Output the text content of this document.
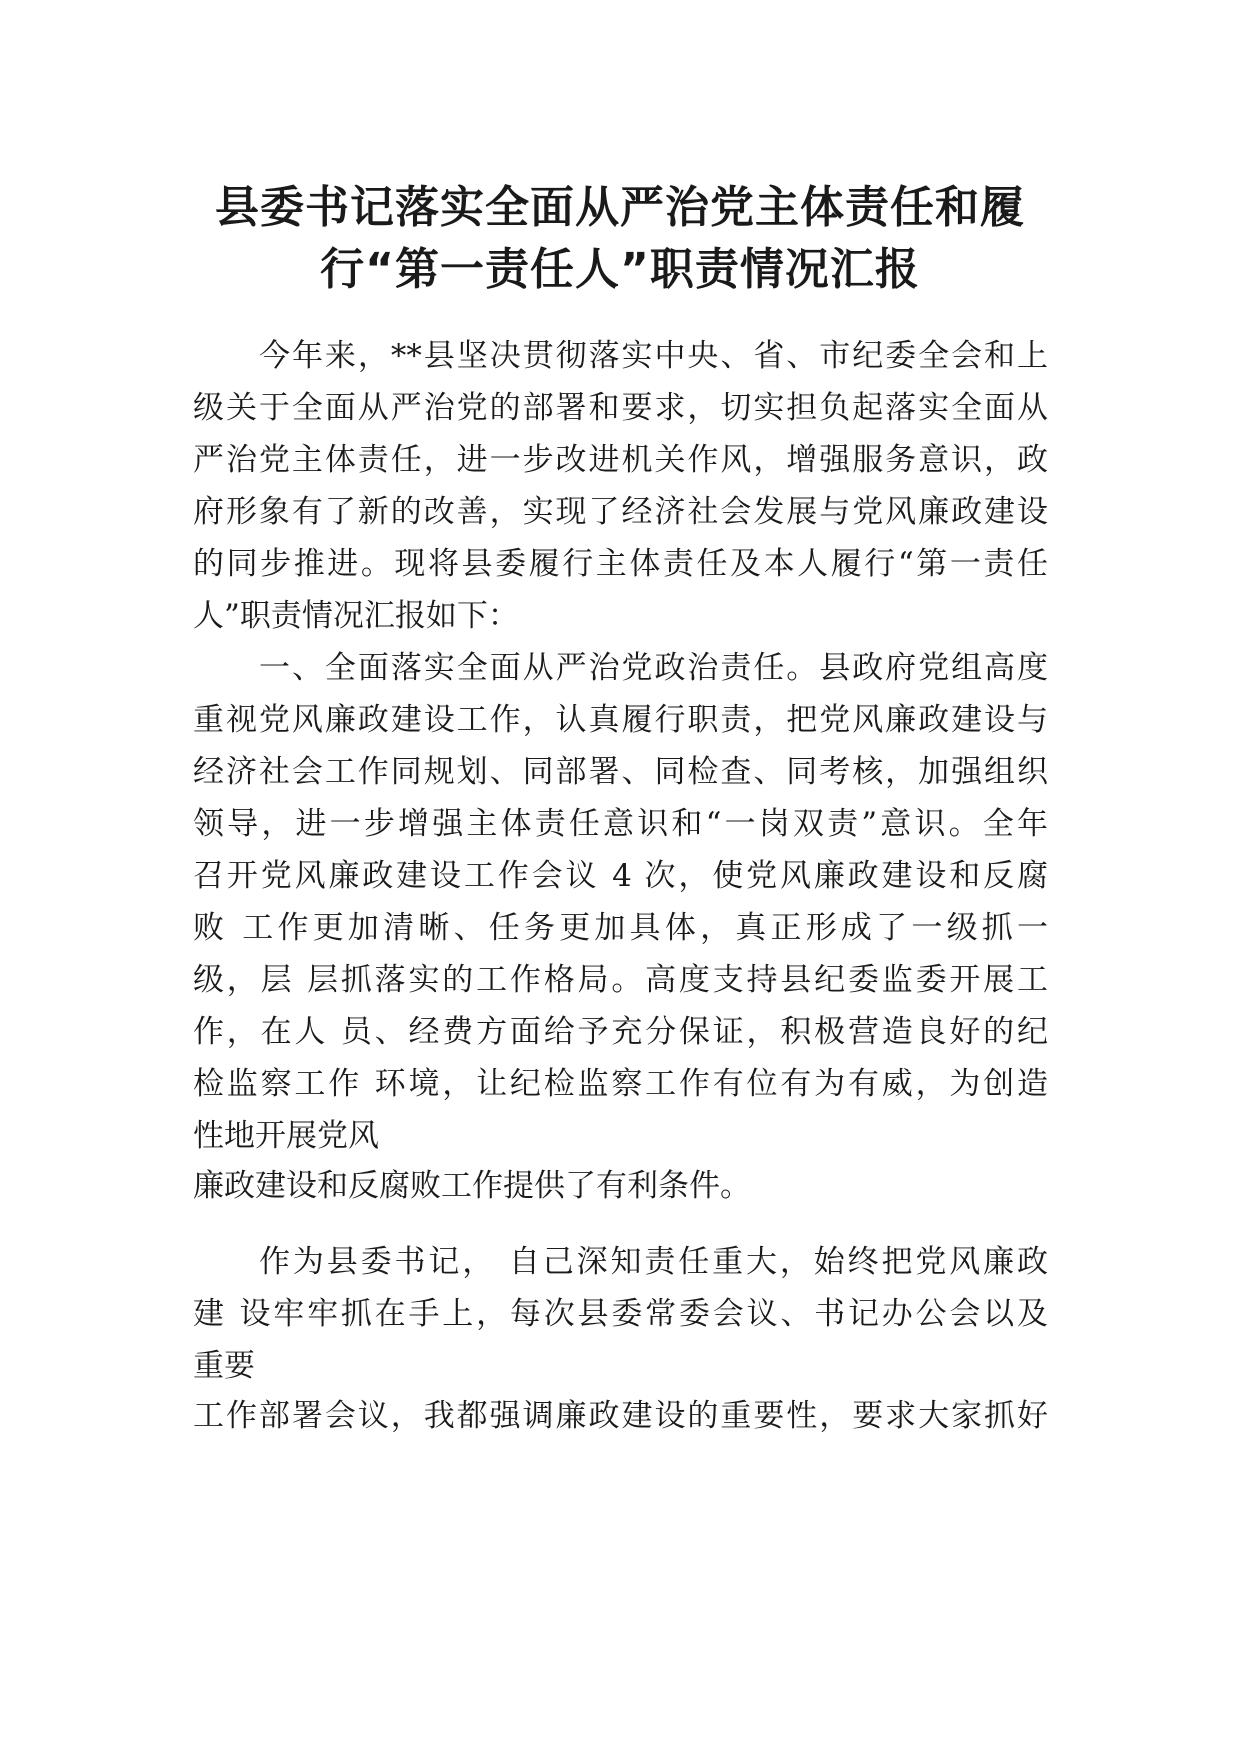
县委书记落实全面从严治党主体责任和履
行“第一责任人”职责情况汇报
今年来，**县坚决贯彻落实中央、省、市纪委全会和上
级关于全面从严治党的部署和要求，切实担负起落实全面从
严治党主体责任，进一步改进机关作风，增强服务意识，政
府形象有了新的改善，实现了经济社会发展与党风廉政建设
的同步推进。现将县委履行主体责任及本人履行“第一责任
人”职责情况汇报如下：
一、全面落实全面从严治党政治责任。县政府党组高度
重视党风廉政建设工作，认真履行职责，把党风廉政建设与
经济社会工作同规划、同部署、同检查、同考核，加强组织
领导，进一步增强主体责任意识和“一岗双责”意识。全年
召开党风廉政建设工作会议 4 次，使党风廉政建设和反腐
败 工作更加清晰、任务更加具体，真正形成了一级抓一
级，层 层抓落实的工作格局。高度支持县纪委监委开展工
作，在人 员、经费方面给予充分保证，积极营造良好的纪
检监察工作 环境，让纪检监察工作有位有为有威，为创造
性地开展党风
廉政建设和反腐败工作提供了有利条件。
作为县委书记， 自己深知责任重大，始终把党风廉政
建 设牢牢抓在手上，每次县委常委会议、书记办公会以及
重要
工作部署会议，我都强调廉政建设的重要性，要求大家抓好
